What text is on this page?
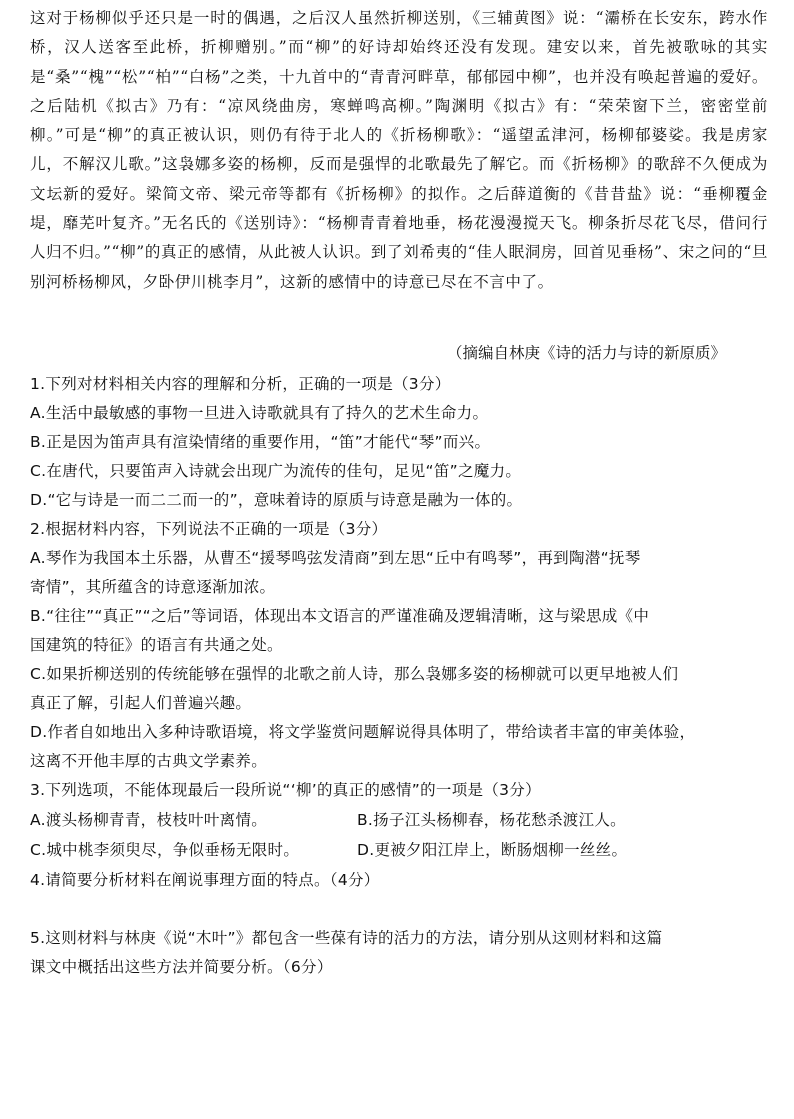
这对于杨柳似乎还只是一时的偶遇，之后汉人虽然折柳送别，《三辅黄图》说：“灞桥在长安东，跨水作桥，汉人送客至此桥，折柳赠别。”而“柳”的好诗却始终还没有发现。建安以来，首先被歌咏的其实是“桑”“槐”“松”“柏”“白杨”之类，十九首中的“青青河畔草，郁郁园中柳”，也并没有唤起普遍的爱好。之后陆机《拟古》乃有：“凉风绕曲房，寒蝉鸣高柳。”陶渊明《拟古》有：“荣荣窗下兰，密密堂前柳。”可是“柳”的真正被认识，则仍有待于北人的《折杨柳歌》：“遥望孟津河，杨柳郁婆娑。我是虏家儿，不解汉儿歌。”这袅娜多姿的杨柳，反而是强悍的北歌最先了解它。而《折杨柳》的歌辞不久便成为文坛新的爱好。梁简文帝、梁元帝等都有《折杨柳》的拟作。之后薛道衡的《昔昔盐》说：“垂柳覆金堤，靡芜叶复齐。”无名氏的《送别诗》：“杨柳青青着地垂，杨花漫漫搅天飞。柳条折尽花飞尽，借问行人归不归。”“柳”的真正的感情，从此被人认识。到了刘希夷的“佳人眠洞房，回首见垂杨”、宋之问的“旦别河桥杨柳风，夕卧伊川桃李月”，这新的感情中的诗意已尽在不言中了。

（摘编自林庚《诗的活力与诗的新原质》

1.下列对材料相关内容的理解和分析，正确的一项是（3分）

A.生活中最敏感的事物一旦进入诗歌就具有了持久的艺术生命力。

B.正是因为笛声具有渲染情绪的重要作用，“笛”才能代“琴”而兴。

C.在唐代，只要笛声入诗就会出现广为流传的佳句，足见“笛”之魔力。

D.“它与诗是一而二二而一的”，意味着诗的原质与诗意是融为一体的。

2.根据材料内容，下列说法不正确的一项是（3分）

A.琴作为我国本土乐器，从曹丕“援琴鸣弦发清商”到左思“丘中有鸣琴”，再到陶潜“抚琴

寄情”，其所蕴含的诗意逐渐加浓。

B.“往往”“真正”“之后”等词语，体现出本文语言的严谨准确及逻辑清晰，这与梁思成《中

国建筑的特征》的语言有共通之处。

C.如果折柳送别的传统能够在强悍的北歌之前人诗，那么袅娜多姿的杨柳就可以更早地被人们

真正了解，引起人们普遍兴趣。

D.作者自如地出入多种诗歌语境，将文学鉴赏问题解说得具体明了，带给读者丰富的审美体验，

这离不开他丰厚的古典文学素养。

3.下列选项，不能体现最后一段所说“‘柳’的真正的感情”的一项是（3分）

A.渡头杨柳青青，枝枝叶叶离情。	B.扬子江头杨柳春，杨花愁杀渡江人。

C.城中桃李须臾尽，争似垂杨无限时。	D.更被夕阳江岸上，断肠烟柳一丝丝。

4.请简要分析材料在阐说事理方面的特点。（4分）

5.这则材料与林庚《说“木叶”》都包含一些葆有诗的活力的方法，请分别从这则材料和这篇

课文中概括出这些方法并简要分析。（6分）
